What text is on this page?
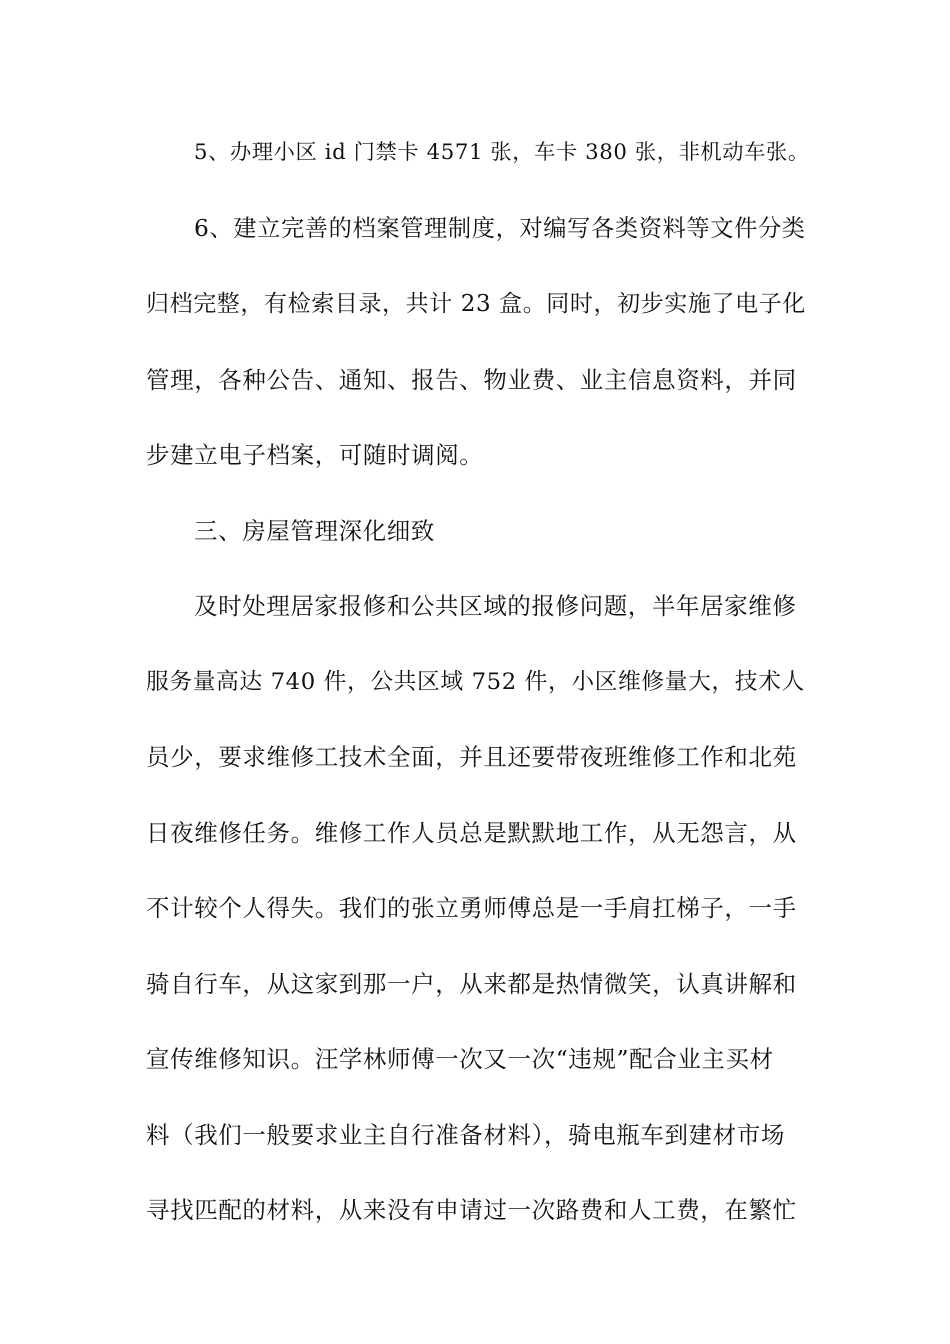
5、办理小区 id 门禁卡 4571 张，车卡 380 张，非机动车张。
6、建立完善的档案管理制度，对编写各类资料等文件分类
归档完整，有检索目录，共计 23 盒。同时，初步实施了电子化
管理，各种公告、通知、报告、物业费、业主信息资料，并同
步建立电子档案，可随时调阅。
三、房屋管理深化细致
及时处理居家报修和公共区域的报修问题，半年居家维修
服务量高达 740 件，公共区域 752 件，小区维修量大，技术人
员少，要求维修工技术全面，并且还要带夜班维修工作和北苑
日夜维修任务。维修工作人员总是默默地工作，从无怨言，从
不计较个人得失。我们的张立勇师傅总是一手肩扛梯子，一手
骑自行车，从这家到那一户，从来都是热情微笑，认真讲解和
宣传维修知识。汪学林师傅一次又一次“违规”配合业主买材
料（我们一般要求业主自行准备材料），骑电瓶车到建材市场
寻找匹配的材料，从来没有申请过一次路费和人工费，在繁忙
